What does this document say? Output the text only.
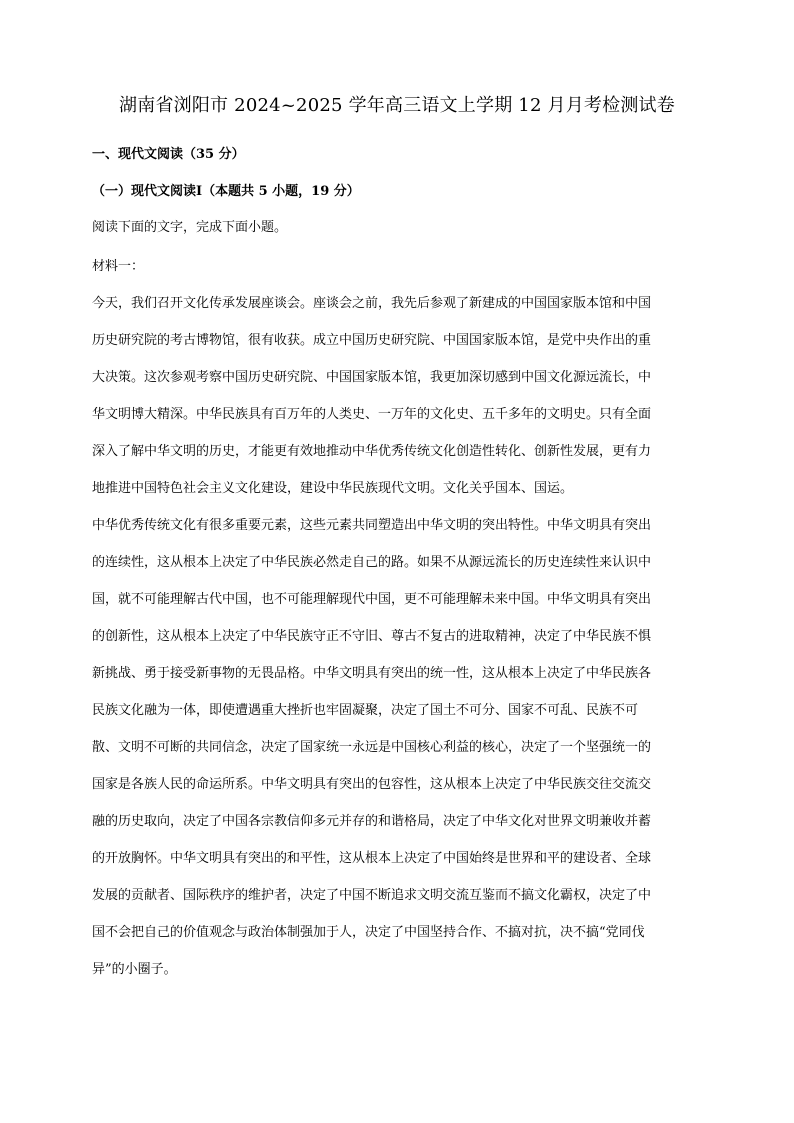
湖南省浏阳市 2024~2025 学年高三语文上学期 12 月月考检测试卷
一、现代文阅读（35 分）
（一）现代文阅读Ⅰ（本题共 5 小题，19 分）
阅读下面的文字，完成下面小题。
材料一：
今天，我们召开文化传承发展座谈会。座谈会之前，我先后参观了新建成的中国国家版本馆和中国
历史研究院的考古博物馆，很有收获。成立中国历史研究院、中国国家版本馆，是党中央作出的重
大决策。这次参观考察中国历史研究院、中国国家版本馆，我更加深切感到中国文化源远流长，中
华文明博大精深。中华民族具有百万年的人类史、一万年的文化史、五千多年的文明史。只有全面
深入了解中华文明的历史，才能更有效地推动中华优秀传统文化创造性转化、创新性发展，更有力
地推进中国特色社会主义文化建设，建设中华民族现代文明。文化关乎国本、国运。
中华优秀传统文化有很多重要元素，这些元素共同塑造出中华文明的突出特性。中华文明具有突出
的连续性，这从根本上决定了中华民族必然走自己的路。如果不从源远流长的历史连续性来认识中
国，就不可能理解古代中国，也不可能理解现代中国，更不可能理解未来中国。中华文明具有突出
的创新性，这从根本上决定了中华民族守正不守旧、尊古不复古的进取精神，决定了中华民族不惧
新挑战、勇于接受新事物的无畏品格。中华文明具有突出的统一性，这从根本上决定了中华民族各
民族文化融为一体，即使遭遇重大挫折也牢固凝聚，决定了国土不可分、国家不可乱、民族不可
散、文明不可断的共同信念，决定了国家统一永远是中国核心利益的核心，决定了一个坚强统一的
国家是各族人民的命运所系。中华文明具有突出的包容性，这从根本上决定了中华民族交往交流交
融的历史取向，决定了中国各宗教信仰多元并存的和谐格局，决定了中华文化对世界文明兼收并蓄
的开放胸怀。中华文明具有突出的和平性，这从根本上决定了中国始终是世界和平的建设者、全球
发展的贡献者、国际秩序的维护者，决定了中国不断追求文明交流互鉴而不搞文化霸权，决定了中
国不会把自己的价值观念与政治体制强加于人，决定了中国坚持合作、不搞对抗，决不搞“党同伐
异”的小圈子。
